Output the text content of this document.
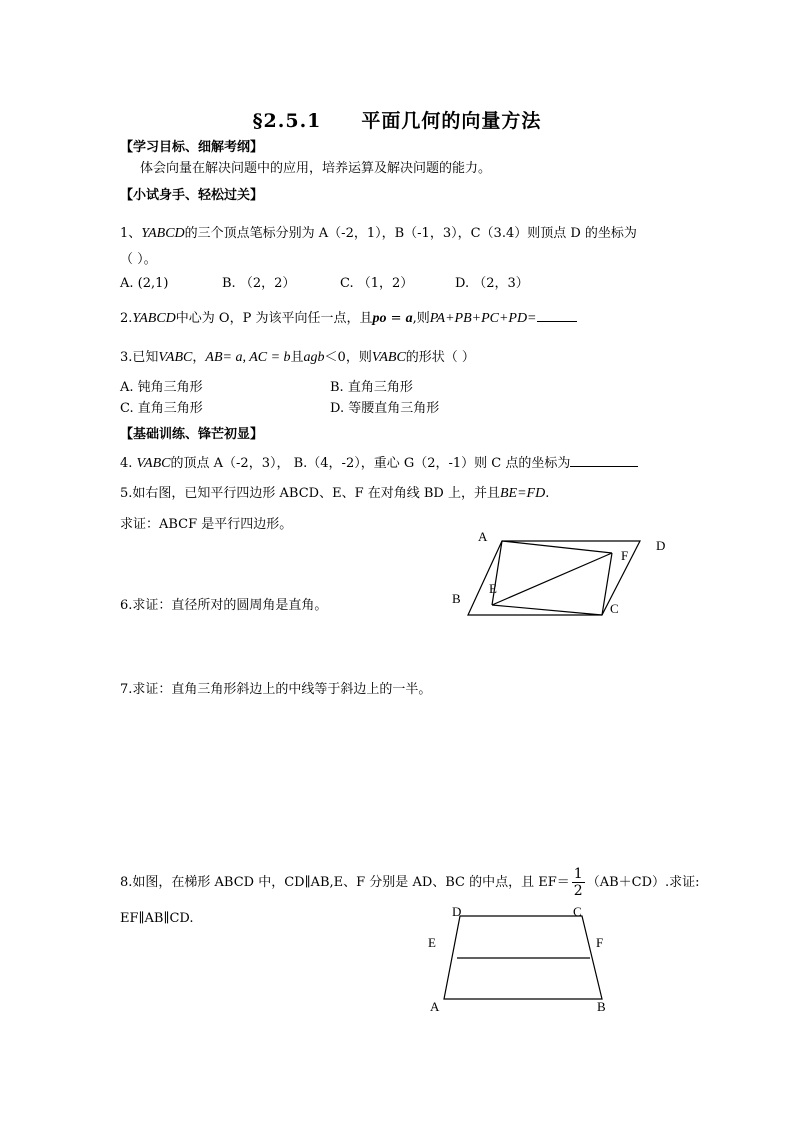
§2.5.1 平面几何的向量方法
【学习目标、细解考纲】
体会向量在解决问题中的应用，培养运算及解决问题的能力。
【小试身手、轻松过关】
1、YABCD的三个顶点笔标分别为 A（-2，1），B（-1，3），C（3.4）则顶点 D 的坐标为
（ ）。
A. (2,1)	B. （2，2）	C. （1，2）	D. （2，3）
2.YABCD中心为 O，P 为该平向任一点，且po = a,则PA+PB+PC+PD=
3.已知VABC，AB= a, AC = b且agb＜0，则VABC的形状（ ）
A. 钝角三角形	B. 直角三角形
C. 直角三角形	D. 等腰直角三角形
【基础训练、锋芒初显】
4. VABC的顶点 A（-2，3）， B.（4，-2），重心 G（2，-1）则 C 点的坐标为
5.如右图，已知平行四边形 ABCD、E、F 在对角线 BD 上，并且BE=FD.
求证：ABCF 是平行四边形。
A
D
F
E
B
C
6.求证：直径所对的圆周角是直角。
7.求证：直角三角形斜边上的中线等于斜边上的一半。
8.如图，在梯形 ABCD 中，CD∥AB,E、F 分别是 AD、BC 的中点，且 $EF= \frac{1}{2} (AB+CD)$.求证:
EF∥AB∥CD.	D	C
E	F
A	B
